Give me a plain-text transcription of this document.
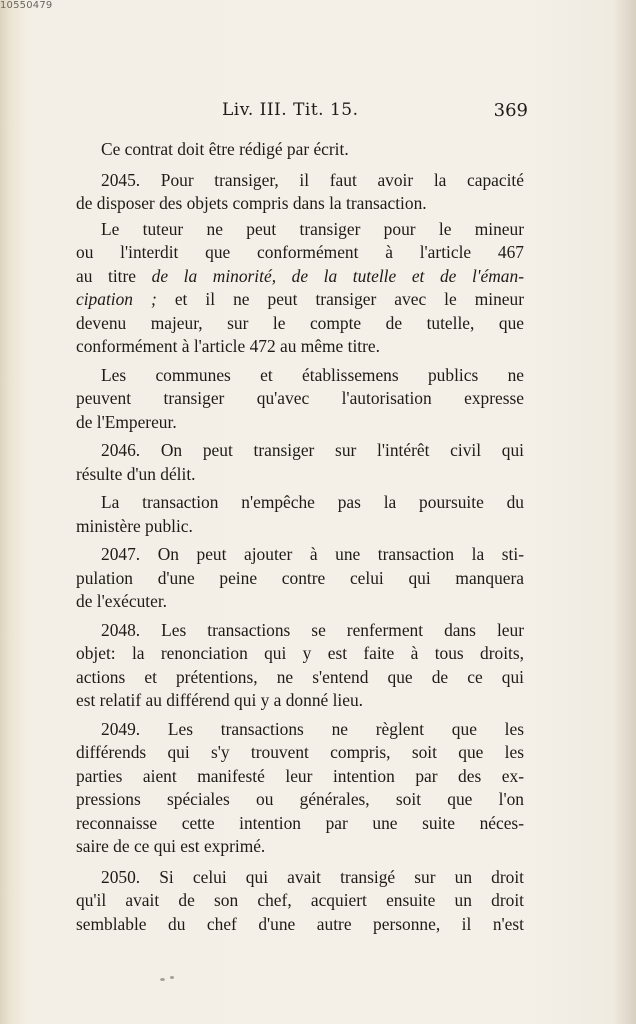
10550479
Liv. III. Tit. 15.	369
Ce contrat doit être rédigé par écrit.
2045. Pour transiger, il faut avoir la capacité
de disposer des objets compris dans la transaction.
Le tuteur ne peut transiger pour le mineur
ou l'interdit que conformément à l'article 467
au titre de la minorité, de la tutelle et de l'éman-
cipation ; et il ne peut transiger avec le mineur
devenu majeur, sur le compte de tutelle, que
conformément à l'article 472 au même titre.
Les communes et établissemens publics ne
peuvent transiger qu'avec l'autorisation expresse
de l'Empereur.
2046. On peut transiger sur l'intérêt civil qui
résulte d'un délit.
La transaction n'empêche pas la poursuite du
ministère public.
2047. On peut ajouter à une transaction la sti-
pulation d'une peine contre celui qui manquera
de l'exécuter.
2048. Les transactions se renferment dans leur
objet: la renonciation qui y est faite à tous droits,
actions et prétentions, ne s'entend que de ce qui
est relatif au différend qui y a donné lieu.
2049. Les transactions ne règlent que les
différends qui s'y trouvent compris, soit que les
parties aient manifesté leur intention par des ex-
pressions spéciales ou générales, soit que l'on
reconnaisse cette intention par une suite néces-
saire de ce qui est exprimé.
2050. Si celui qui avait transigé sur un droit
qu'il avait de son chef, acquiert ensuite un droit
semblable du chef d'une autre personne, il n'est
